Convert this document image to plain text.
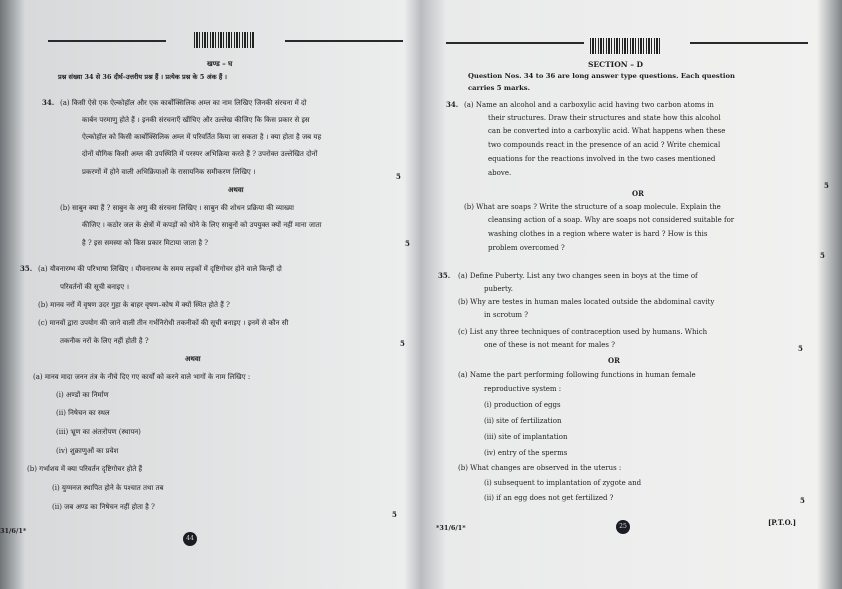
खण्ड – घ
प्रश्न संख्या 34 से 36 दीर्घ–उत्तरीय प्रश्न हैं । प्रत्येक प्रश्न के 5 अंक हैं ।
34. (a) किसी ऐसे एक ऐल्कोहॉल और एक कार्बोक्सिलिक अम्ल का नाम लिखिए जिनकी संरचना में दो
कार्बन परमाणु होते हैं । इनकी संरचनाएँ खींचिए और उल्लेख कीजिए कि किस प्रकार से इस
ऐल्कोहॉल को किसी कार्बोक्सिलिक अम्ल में परिवर्तित किया जा सकता है । क्या होता है जब यह
दोनों यौगिक किसी अम्ल की उपस्थिति में परस्पर अभिक्रिया करते हैं ? उपरोक्त उल्लेखित दोनों
प्रकरणों में होने वाली अभिक्रियाओं के रासायनिक समीकरण लिखिए ।	5
अथवा
(b) साबुन क्या हैं ? साबुन के अणु की संरचना लिखिए । साबुन की शोधन प्रक्रिया की व्याख्या
कीजिए । कठोर जल के क्षेत्रों में कपड़ों को धोने के लिए साबुनों को उपयुक्त क्यों नहीं माना जाता
है ? इस समस्या को किस प्रकार मिटाया जाता है ?	5
35. (a) यौवनारम्भ की परिभाषा लिखिए । यौवनारम्भ के समय लड़कों में दृष्टिगोचर होने वाले किन्हीं दो
परिवर्तनों की सूची बनाइए ।
(b) मानव नरों में वृषण उदर गुहा के बाहर वृषण–कोष में क्यों स्थित होते हैं ?
(c) मानवों द्वारा उपयोग की जाने वाली तीन गर्भनिरोधी तकनीकों की सूची बनाइए । इनमें से कौन सी
तकनीक नरों के लिए नहीं होती है ?	5
अथवा
(a) मानव मादा जनन तंत्र के नीचे दिए गए कार्यों को करने वाले भागों के नाम लिखिए :
(i) अण्डों का निर्माण
(ii) निषेचन का स्थल
(iii) भ्रूण का अंतःरोपण (स्थापन)
(iv) शुक्राणुओं का प्रवेश
(b) गर्भाशय में क्या परिवर्तन दृष्टिगोचर होते हैं
(i) युग्मनज स्थापित होने के पश्चात तथा तब
(ii) जब अण्ड का निषेचन नहीं होता है ?
5
31/6/1*
44
SECTION – D
Question Nos. 34 to 36 are long answer type questions. Each question
carries 5 marks.
34. (a) Name an alcohol and a carboxylic acid having two carbon atoms in
their structures. Draw their structures and state how this alcohol
can be converted into a carboxylic acid. What happens when these
two compounds react in the presence of an acid ? Write chemical
equations for the reactions involved in the two cases mentioned
above.
5
OR
(b) What are soaps ? Write the structure of a soap molecule. Explain the
cleansing action of a soap. Why are soaps not considered suitable for
washing clothes in a region where water is hard ? How is this
problem overcomed ?
5
35. (a) Define Puberty. List any two changes seen in boys at the time of
puberty.
(b) Why are testes in human males located outside the abdominal cavity
in scrotum ?
(c) List any three techniques of contraception used by humans. Which
one of these is not meant for males ?	5
OR
(a) Name the part performing following functions in human female
reproductive system :
(i) production of eggs
(ii) site of fertilization
(iii) site of implantation
(iv) entry of the sperms
(b) What changes are observed in the uterus :
(i) subsequent to implantation of zygote and
(ii) if an egg does not get fertilized ?	5
*31/6/1*	25	[P.T.O.]
